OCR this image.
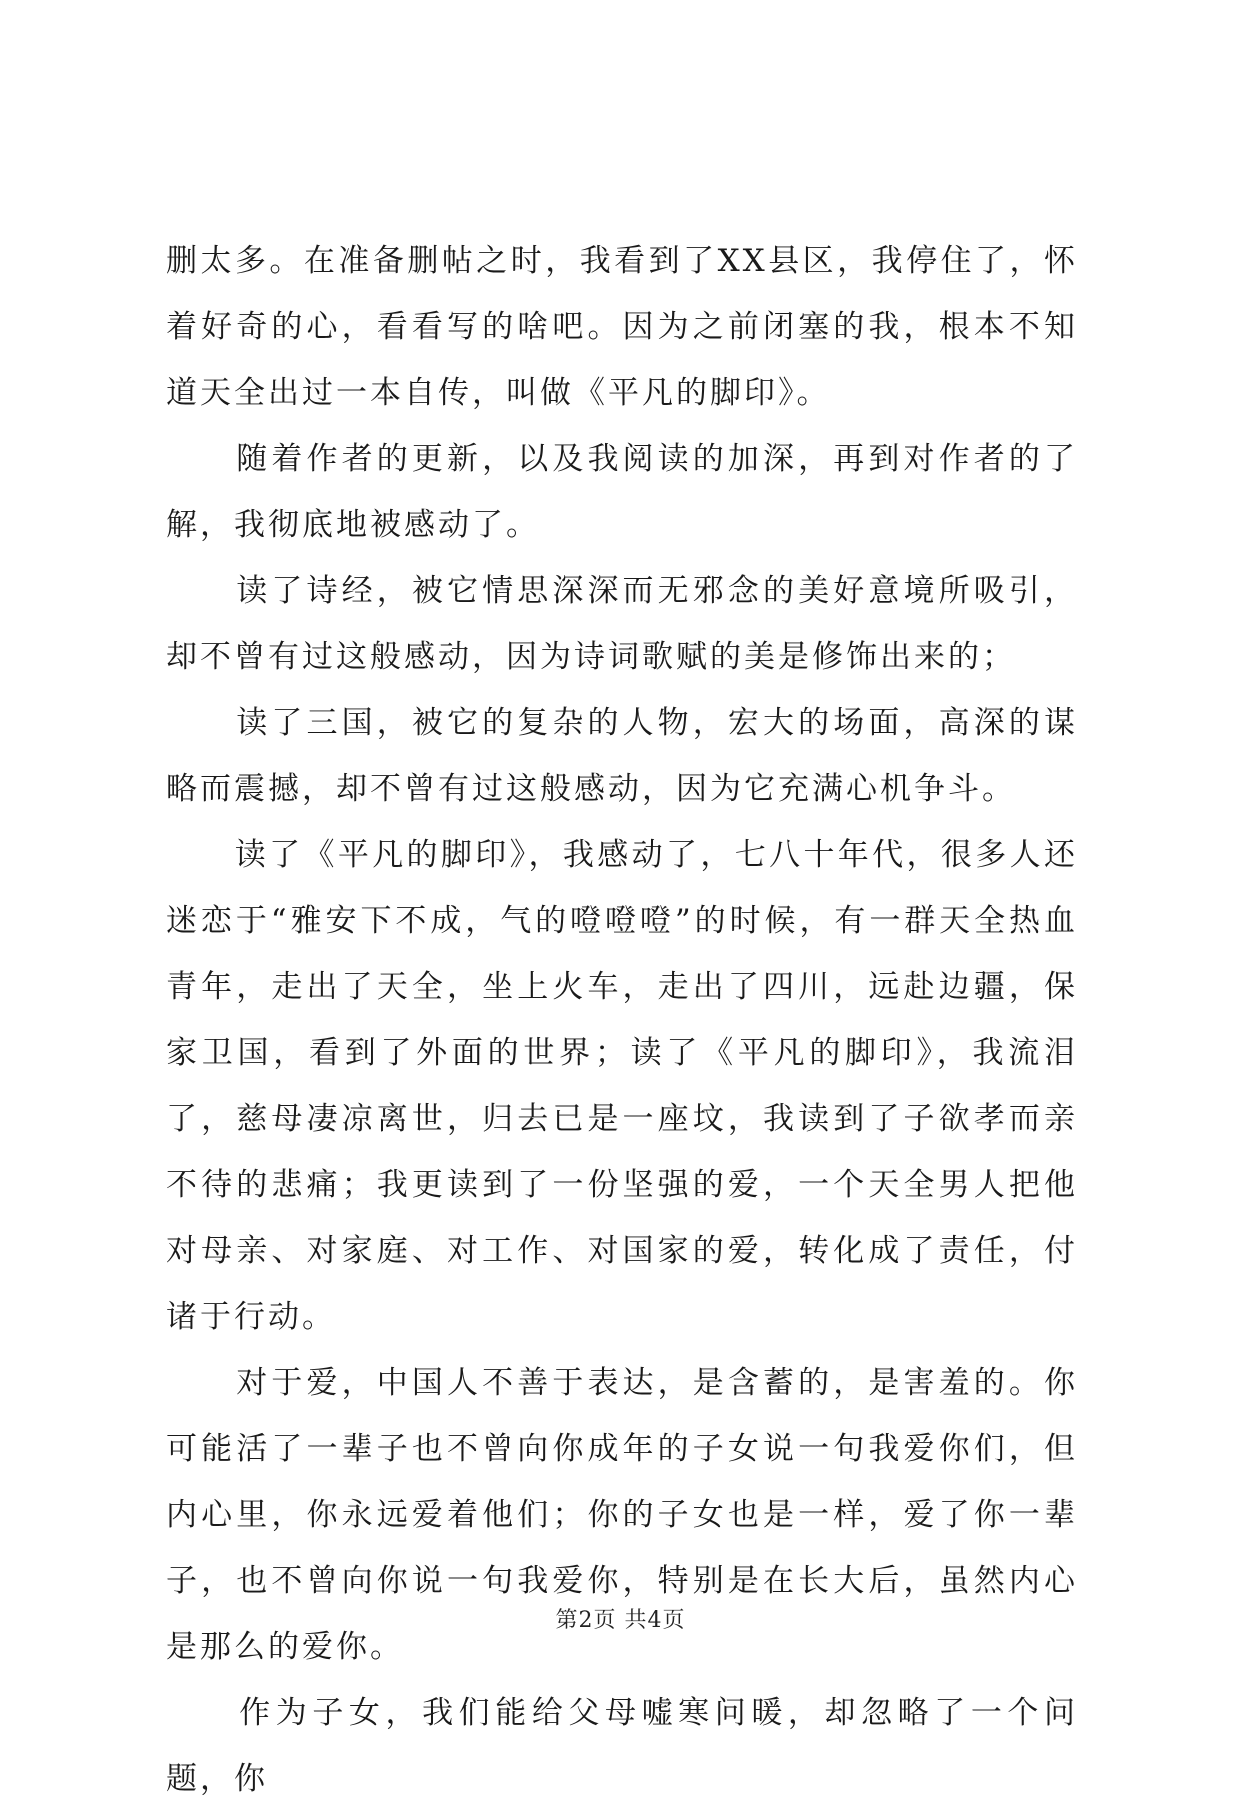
删太多。在准备删帖之时，我看到了XX县区，我停住了，怀着好奇的心，看看写的啥吧。因为之前闭塞的我，根本不知道天全出过一本自传，叫做《平凡的脚印》。

　　随着作者的更新，以及我阅读的加深，再到对作者的了解，我彻底地被感动了。

　　读了诗经，被它情思深深而无邪念的美好意境所吸引，却不曾有过这般感动，因为诗词歌赋的美是修饰出来的；

　　读了三国，被它的复杂的人物，宏大的场面，高深的谋略而震撼，却不曾有过这般感动，因为它充满心机争斗。

　　读了《平凡的脚印》，我感动了，七八十年代，很多人还迷恋于“雅安下不成，气的噔噔噔”的时候，有一群天全热血青年，走出了天全，坐上火车，走出了四川，远赴边疆，保家卫国，看到了外面的世界；读了《平凡的脚印》，我流泪了，慈母凄凉离世，归去已是一座坟，我读到了子欲孝而亲不待的悲痛；我更读到了一份坚强的爱，一个天全男人把他对母亲、对家庭、对工作、对国家的爱，转化成了责任，付诸于行动。

　　对于爱，中国人不善于表达，是含蓄的，是害羞的。你可能活了一辈子也不曾向你成年的子女说一句我爱你们，但内心里，你永远爱着他们；你的子女也是一样，爱了你一辈子，也不曾向你说一句我爱你，特别是在长大后，虽然内心是那么的爱你。

　　作为子女，我们能给父母嘘寒问暖，却忽略了一个问题，你

第2页 共4页
